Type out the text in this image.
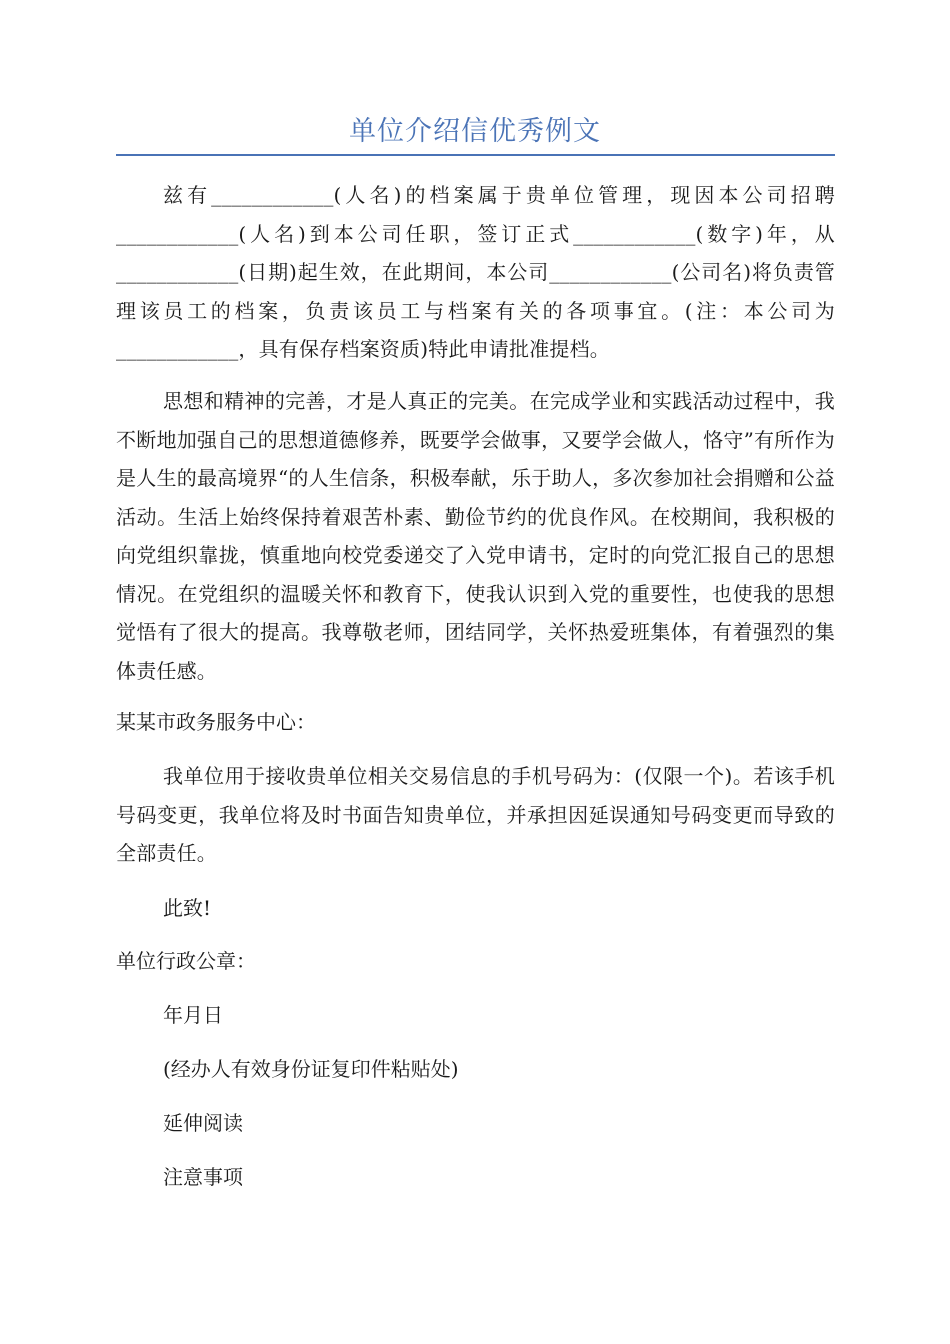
单位介绍信优秀例文

兹有____________(人名)的档案属于贵单位管理，现因本公司招聘____________(人名)到本公司任职，签订正式____________(数字)年，从____________(日期)起生效，在此期间，本公司____________(公司名)将负责管理该员工的档案，负责该员工与档案有关的各项事宜。(注：本公司为____________，具有保存档案资质)特此申请批准提档。

思想和精神的完善，才是人真正的完美。在完成学业和实践活动过程中，我不断地加强自己的思想道德修养，既要学会做事，又要学会做人，恪守”有所作为是人生的最高境界“的人生信条，积极奉献，乐于助人，多次参加社会捐赠和公益活动。生活上始终保持着艰苦朴素、勤俭节约的优良作风。在校期间，我积极的向党组织靠拢，慎重地向校党委递交了入党申请书，定时的向党汇报自己的思想情况。在党组织的温暖关怀和教育下，使我认识到入党的重要性，也使我的思想觉悟有了很大的提高。我尊敬老师，团结同学，关怀热爱班集体，有着强烈的集体责任感。

某某市政务服务中心：

我单位用于接收贵单位相关交易信息的手机号码为：(仅限一个)。若该手机号码变更，我单位将及时书面告知贵单位，并承担因延误通知号码变更而导致的全部责任。

此致!

单位行政公章：

年月日

(经办人有效身份证复印件粘贴处)

延伸阅读

注意事项
